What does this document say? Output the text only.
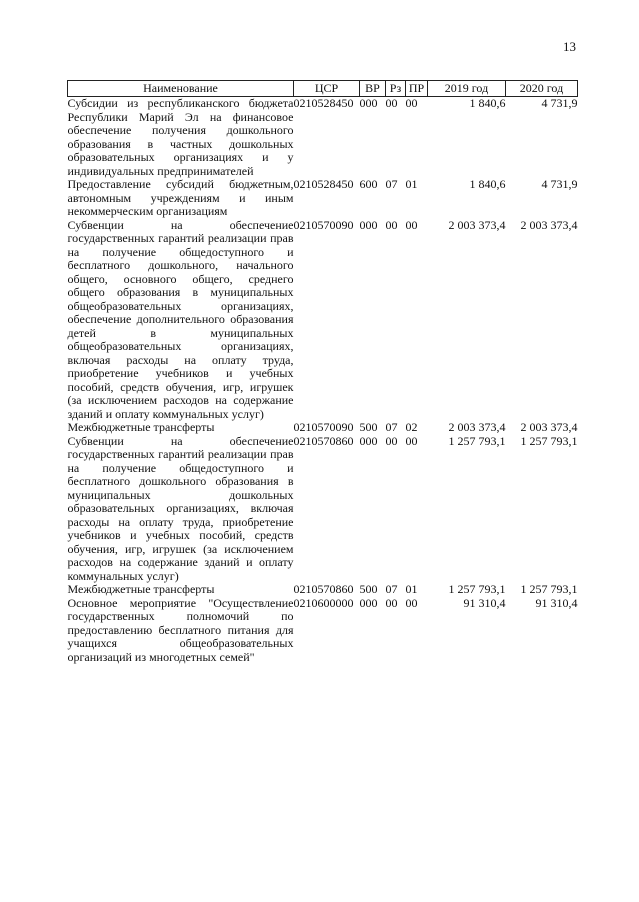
13
Наименование	ЦСР	ВР	Рз	ПР	2019 год	2020 год
Субсидии из республиканского бюджета Республики Марий Эл на финансовое обеспечение получения дошкольного образования в частных дошкольных образовательных организациях и у индивидуальных предпринимателей	0210528450	000	00	00	1 840,6	4 731,9
Предоставление субсидий бюджетным, автономным учреждениям и иным некоммерческим организациям	0210528450	600	07	01	1 840,6	4 731,9
Субвенции на обеспечение государственных гарантий реализации прав на получение общедоступного и бесплатного дошкольного, начального общего, основного общего, среднего общего образования в муниципальных общеобразовательных организациях, обеспечение дополнительного образования детей в муниципальных общеобразовательных организациях, включая расходы на оплату труда, приобретение учебников и учебных пособий, средств обучения, игр, игрушек (за исключением расходов на содержание зданий и оплату коммунальных услуг)	0210570090	000	00	00	2 003 373,4	2 003 373,4
Межбюджетные трансферты	0210570090	500	07	02	2 003 373,4	2 003 373,4
Субвенции на обеспечение государственных гарантий реализации прав на получение общедоступного и бесплатного дошкольного образования в муниципальных дошкольных образовательных организациях, включая расходы на оплату труда, приобретение учебников и учебных пособий, средств обучения, игр, игрушек (за исключением расходов на содержание зданий и оплату коммунальных услуг)	0210570860	000	00	00	1 257 793,1	1 257 793,1
Межбюджетные трансферты	0210570860	500	07	01	1 257 793,1	1 257 793,1
Основное мероприятие "Осуществление государственных полномочий по предоставлению бесплатного питания для учащихся общеобразовательных организаций из многодетных семей"	0210600000	000	00	00	91 310,4	91 310,4
